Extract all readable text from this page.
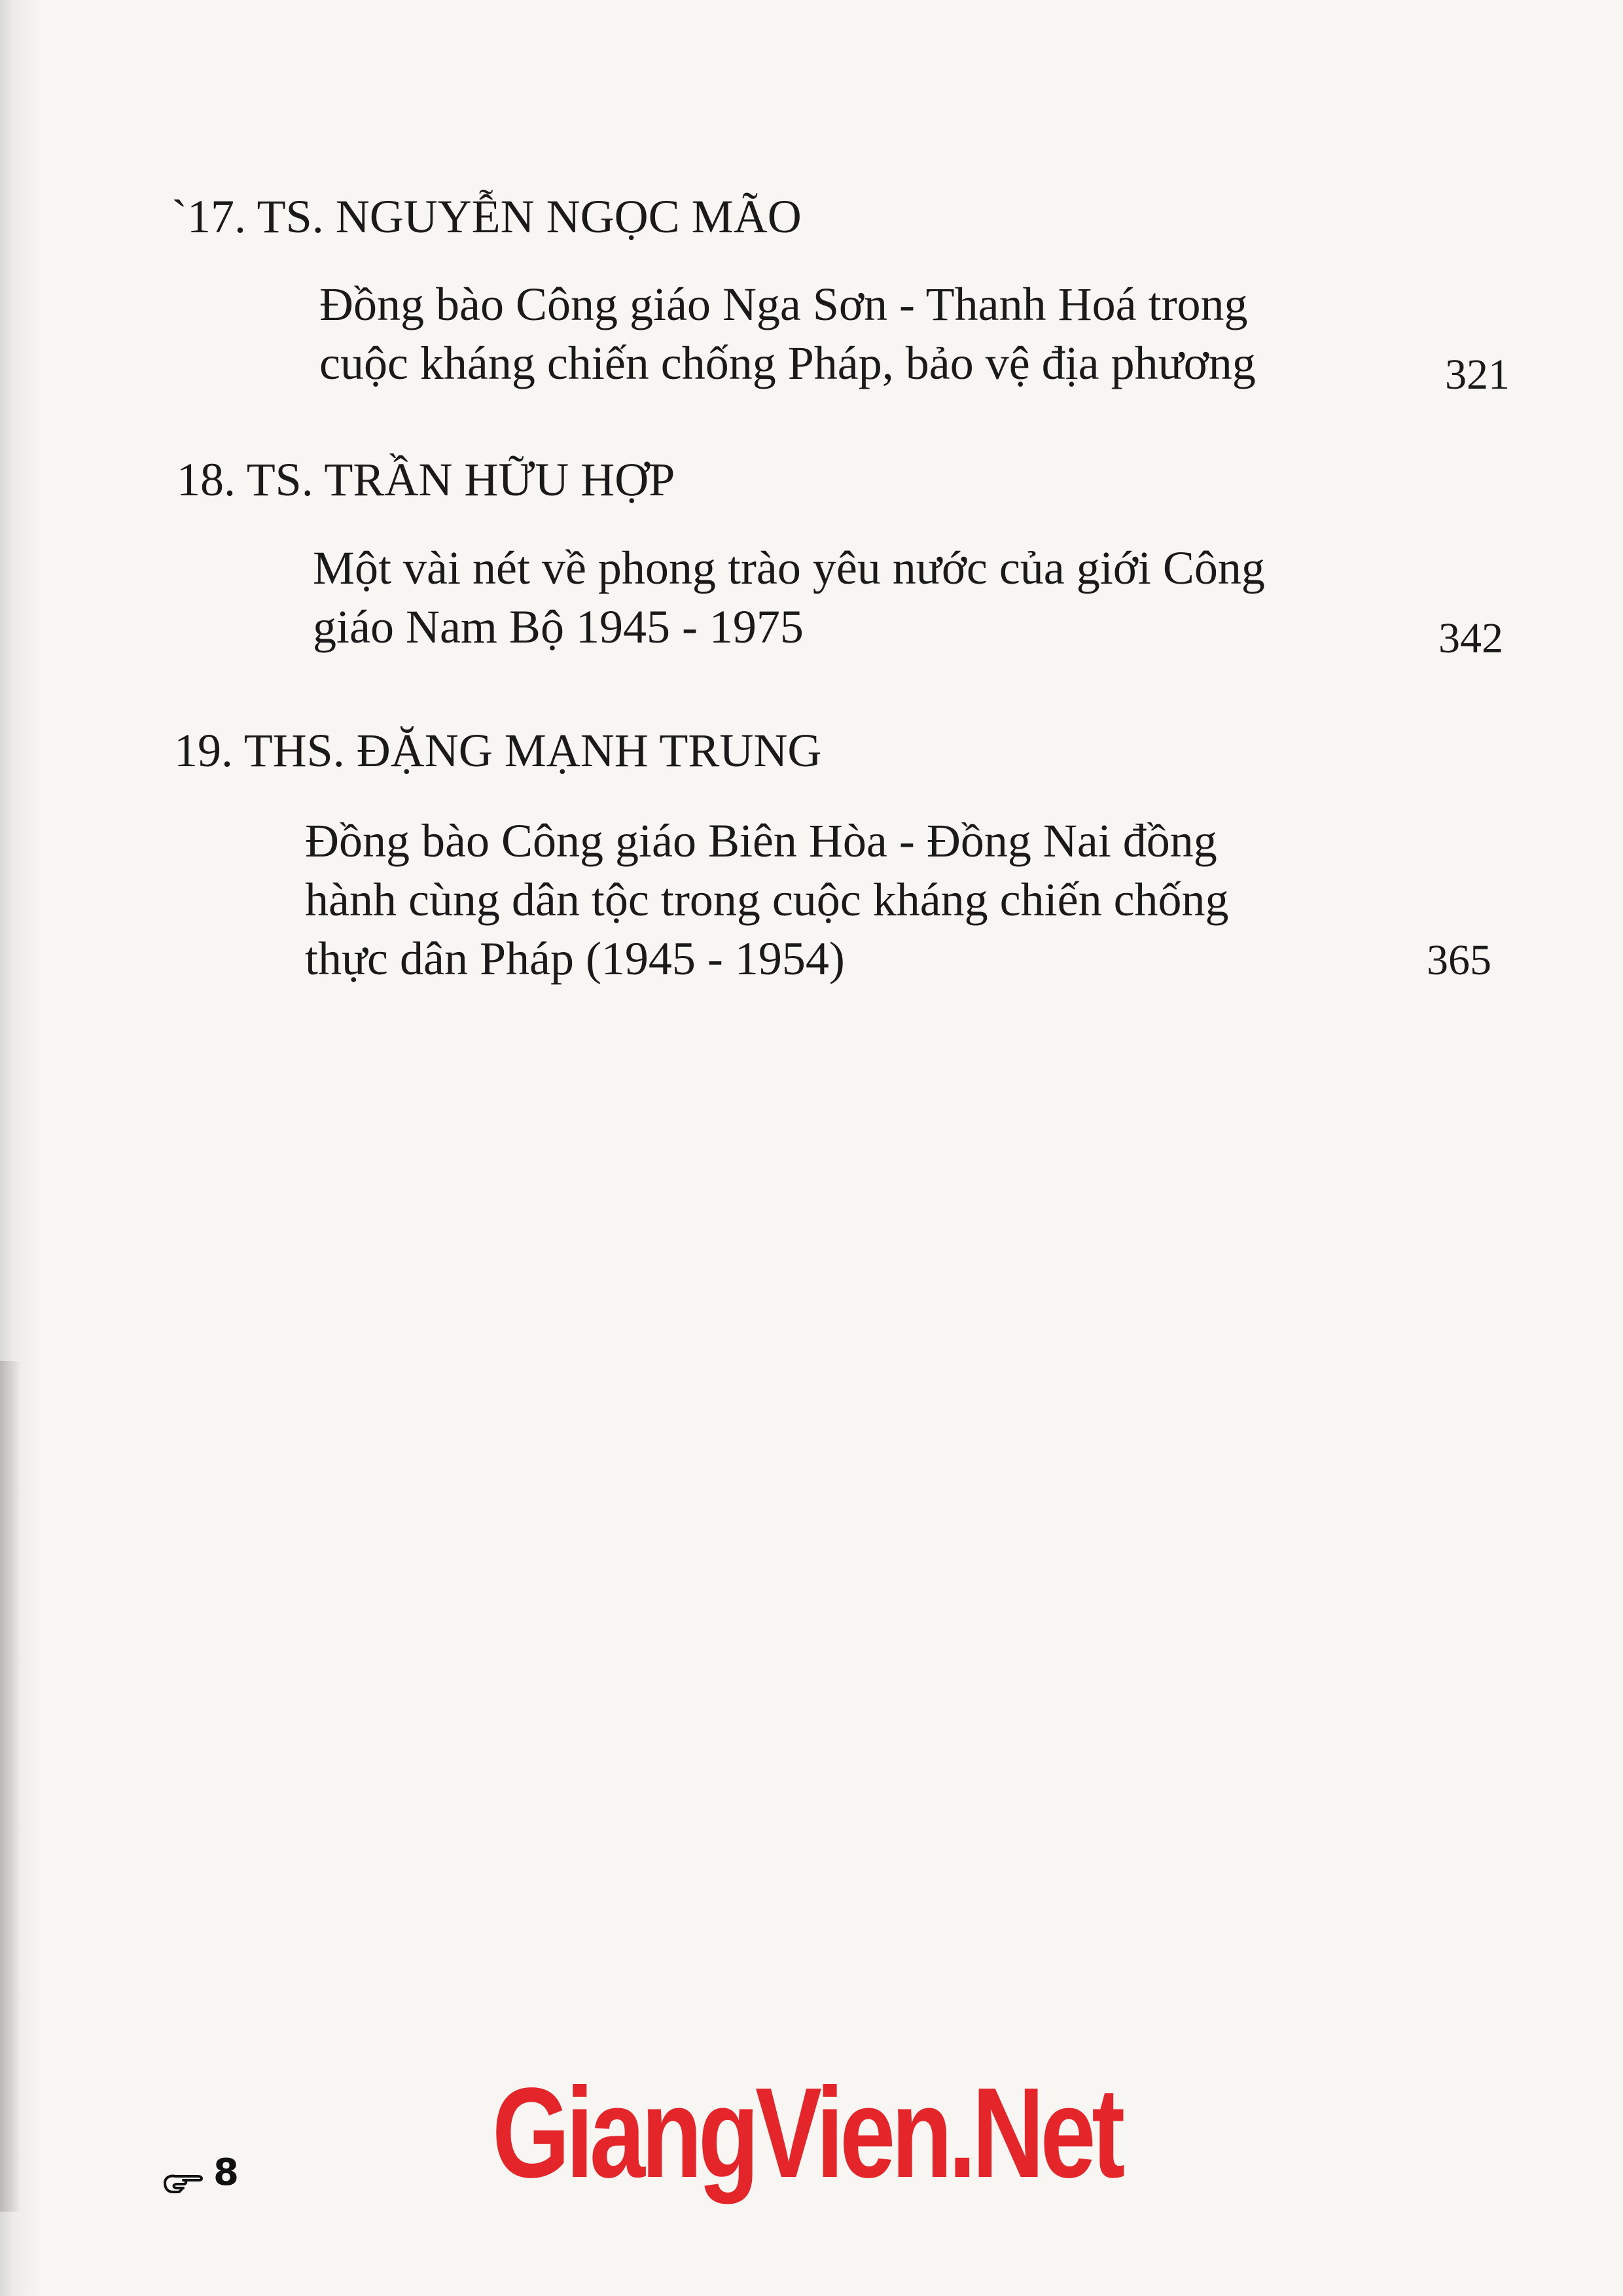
`17. TS. NGUYỄN NGỌC MÃO
Đồng bào Công giáo Nga Sơn - Thanh Hoá trong
cuộc kháng chiến chống Pháp, bảo vệ địa phương	321
18. TS. TRẦN HỮU HỢP
Một vài nét về phong trào yêu nước của giới Công
giáo Nam Bộ 1945 - 1975	342
19. THS. ĐẶNG MẠNH TRUNG
Đồng bào Công giáo Biên Hòa - Đồng Nai đồng
hành cùng dân tộc trong cuộc kháng chiến chống
thực dân Pháp (1945 - 1954)	365
8 GiangVien.Net
